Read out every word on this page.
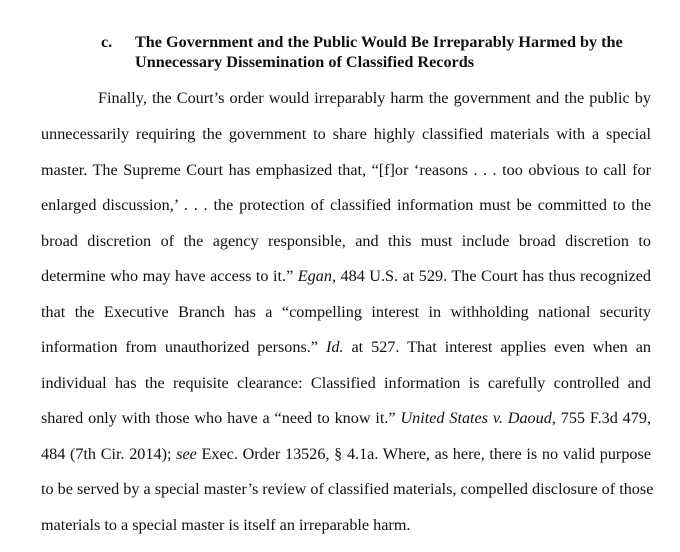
c. The Government and the Public Would Be Irreparably Harmed by the
Unnecessary Dissemination of Classified Records
Finally, the Court’s order would irreparably harm the government and the public by
unnecessarily requiring the government to share highly classified materials with a special
master. The Supreme Court has emphasized that, “[f]or ‘reasons . . . too obvious to call for
enlarged discussion,’ . . . the protection of classified information must be committed to the
broad discretion of the agency responsible, and this must include broad discretion to
determine who may have access to it.” Egan, 484 U.S. at 529. The Court has thus recognized
that the Executive Branch has a “compelling interest in withholding national security
information from unauthorized persons.” Id. at 527. That interest applies even when an
individual has the requisite clearance: Classified information is carefully controlled and
shared only with those who have a “need to know it.” United States v. Daoud, 755 F.3d 479,
484 (7th Cir. 2014); see Exec. Order 13526, § 4.1a. Where, as here, there is no valid purpose
to be served by a special master’s review of classified materials, compelled disclosure of those
materials to a special master is itself an irreparable harm.
